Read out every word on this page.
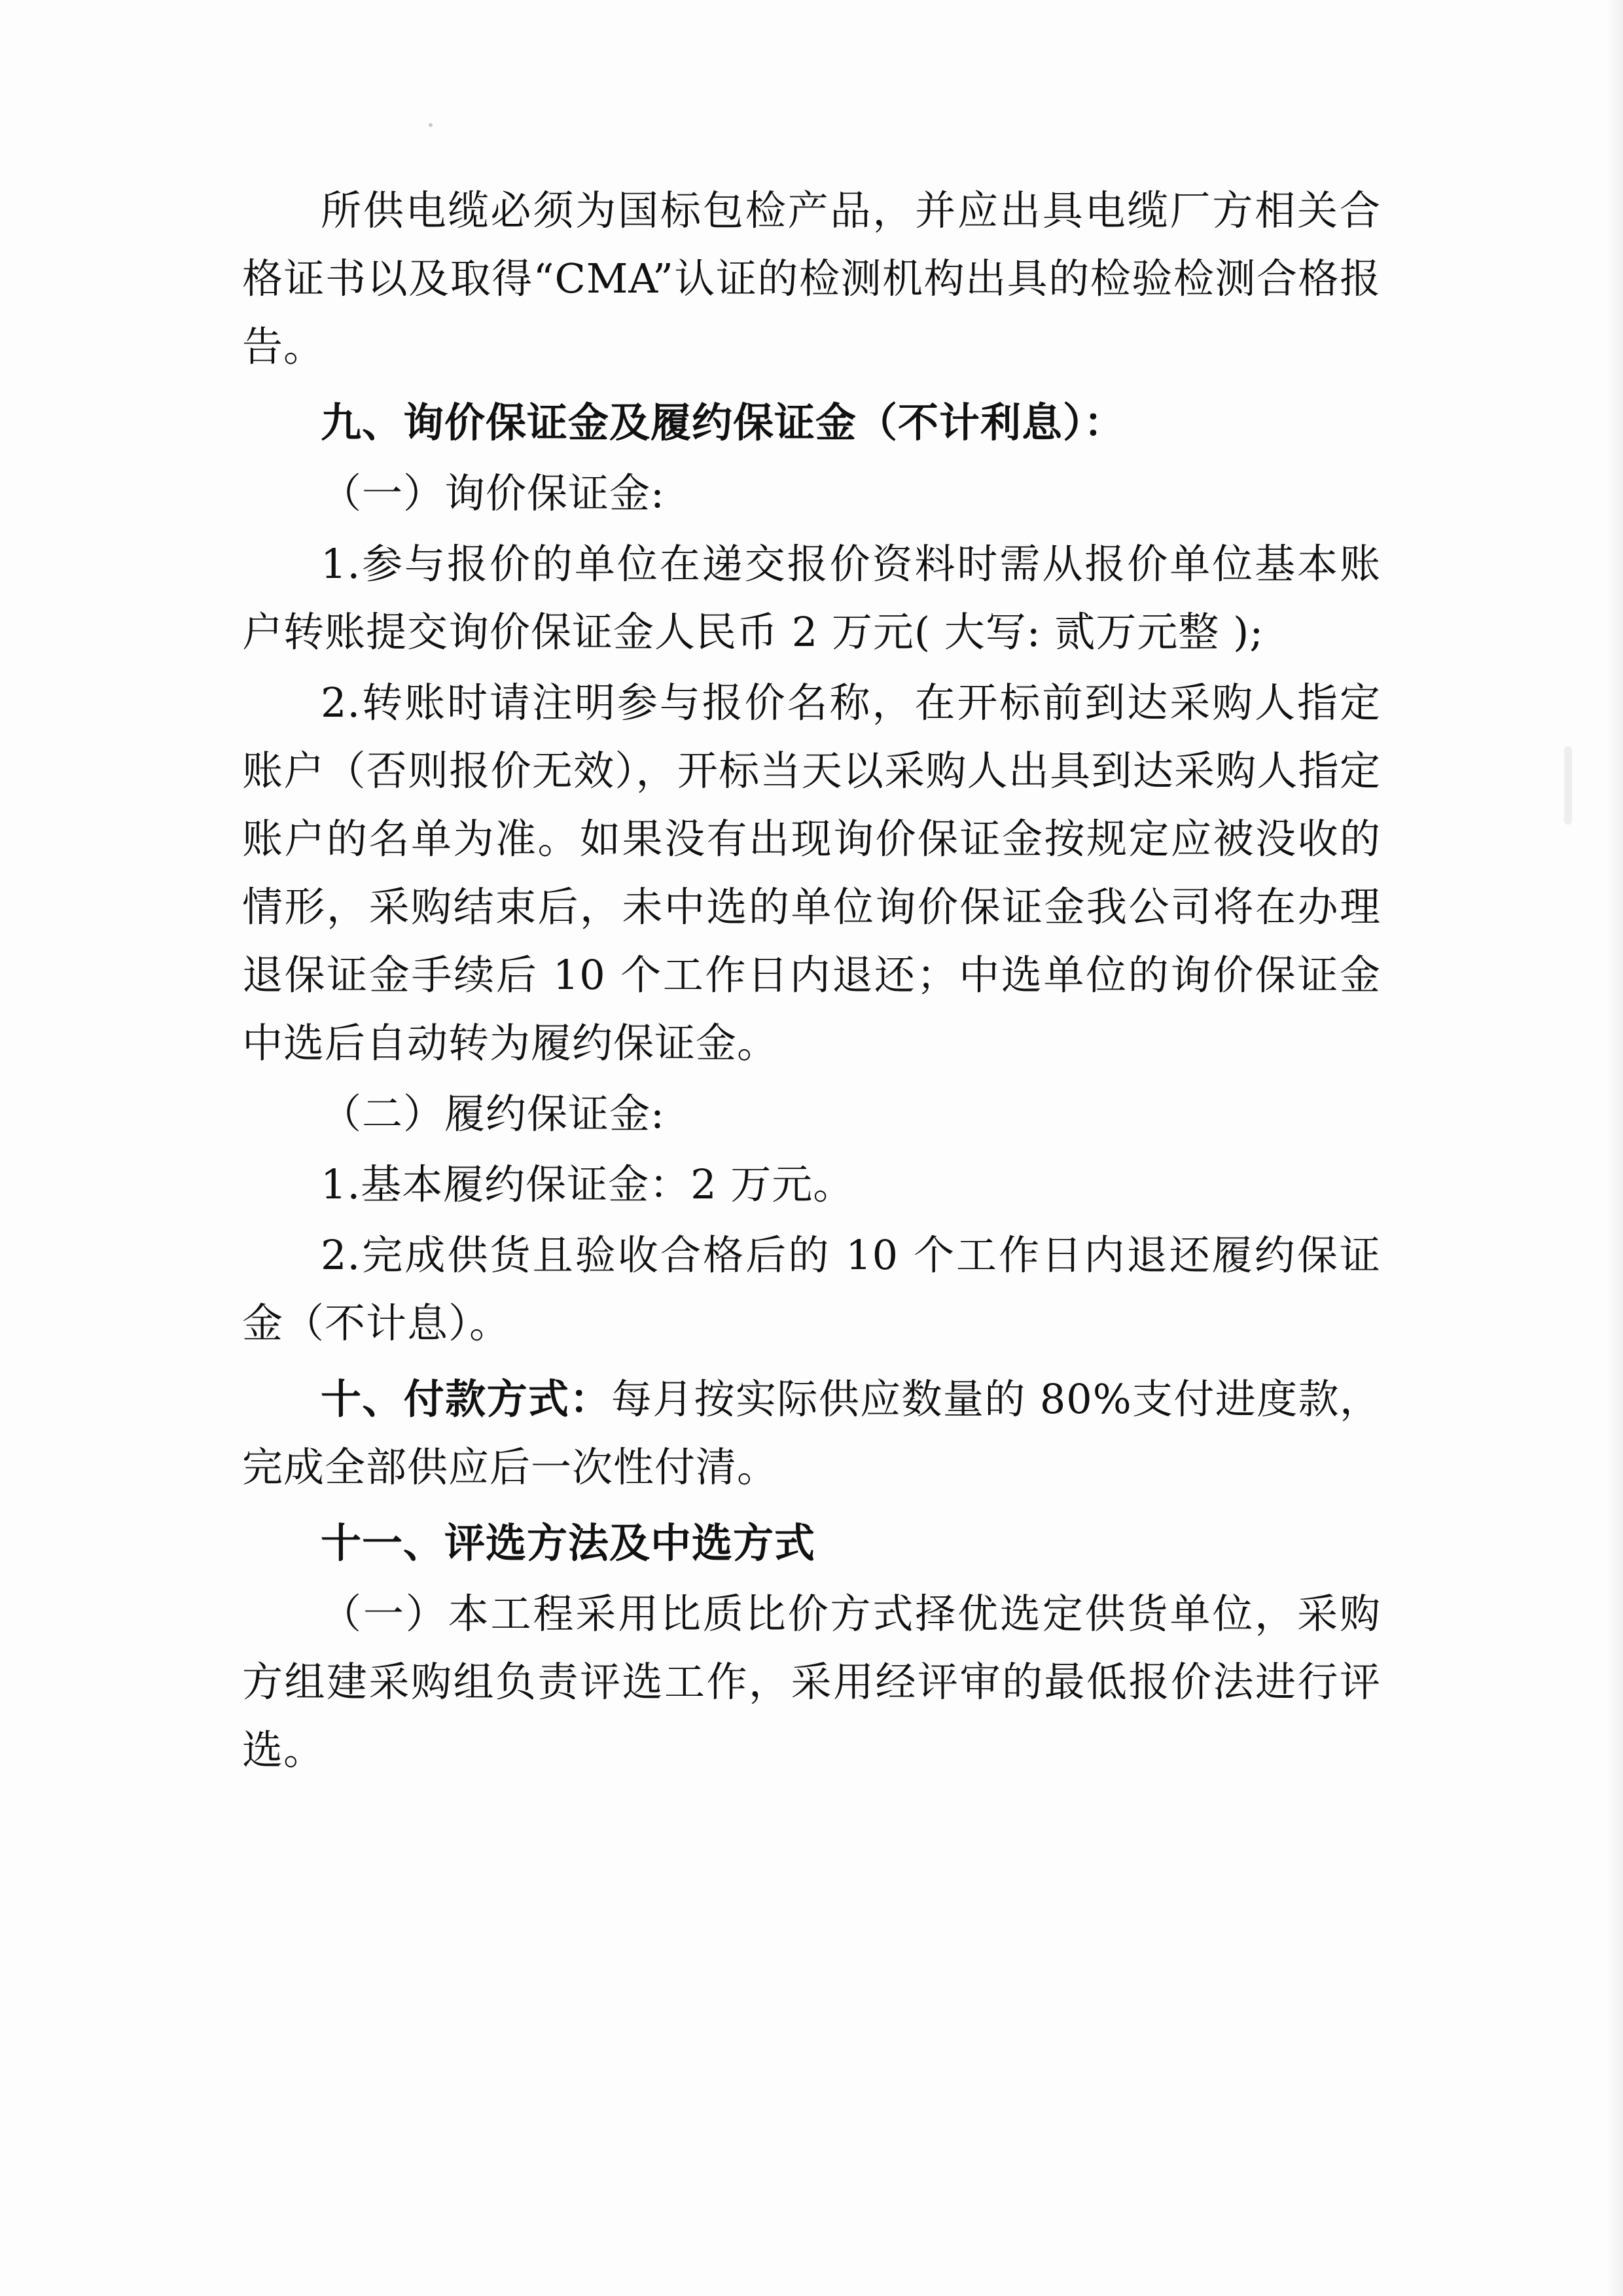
所供电缆必须为国标包检产品，并应出具电缆厂方相关合格证书以及取得“CMA”认证的检测机构出具的检验检测合格报告。

九、询价保证金及履约保证金（不计利息）：

（一）询价保证金:

1.参与报价的单位在递交报价资料时需从报价单位基本账户转账提交询价保证金人民币 2 万元( 大写: 贰万元整 );

2.转账时请注明参与报价名称，在开标前到达采购人指定账户（否则报价无效），开标当天以采购人出具到达采购人指定账户的名单为准。如果没有出现询价保证金按规定应被没收的情形，采购结束后，未中选的单位询价保证金我公司将在办理退保证金手续后 10 个工作日内退还；中选单位的询价保证金中选后自动转为履约保证金。

（二）履约保证金:

1.基本履约保证金：2 万元。

2.完成供货且验收合格后的 10 个工作日内退还履约保证金（不计息）。

十、付款方式：每月按实际供应数量的 80%支付进度款，完成全部供应后一次性付清。

十一、评选方法及中选方式

（一）本工程采用比质比价方式择优选定供货单位，采购方组建采购组负责评选工作，采用经评审的最低报价法进行评选。
